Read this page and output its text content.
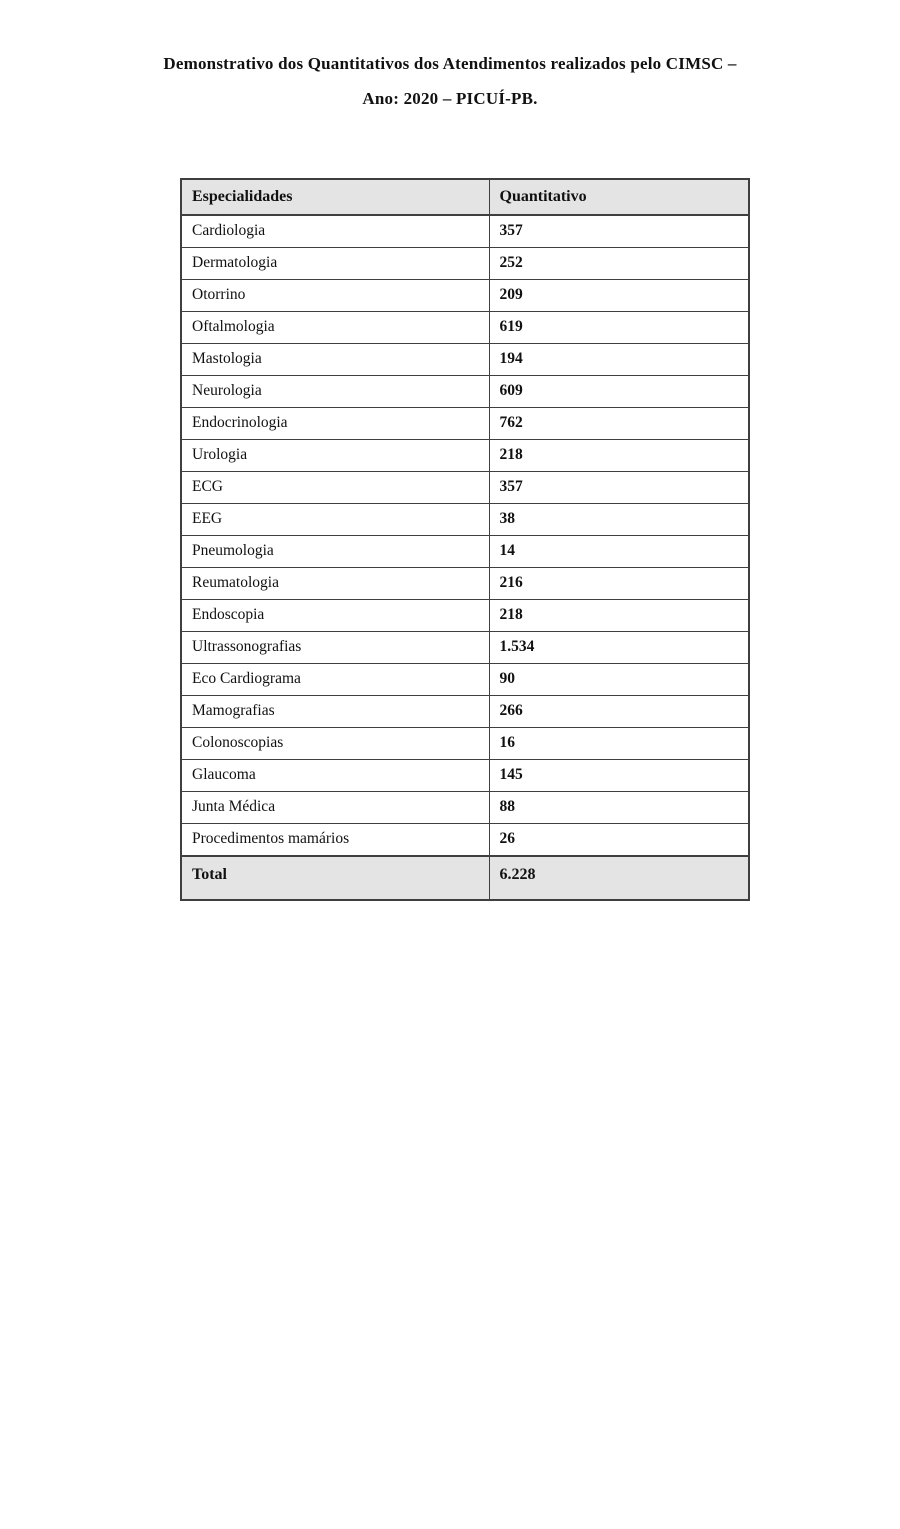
Demonstrativo dos Quantitativos dos Atendimentos realizados pelo CIMSC –
Ano: 2020 – PICUÍ-PB.
Especialidades	Quantitativo
Cardiologia	357
Dermatologia	252
Otorrino	209
Oftalmologia	619
Mastologia	194
Neurologia	609
Endocrinologia	762
Urologia	218
ECG	357
EEG	38
Pneumologia	14
Reumatologia	216
Endoscopia	218
Ultrassonografias	1.534
Eco Cardiograma	90
Mamografias	266
Colonoscopias	16
Glaucoma	145
Junta Médica	88
Procedimentos mamários	26
Total	6.228
